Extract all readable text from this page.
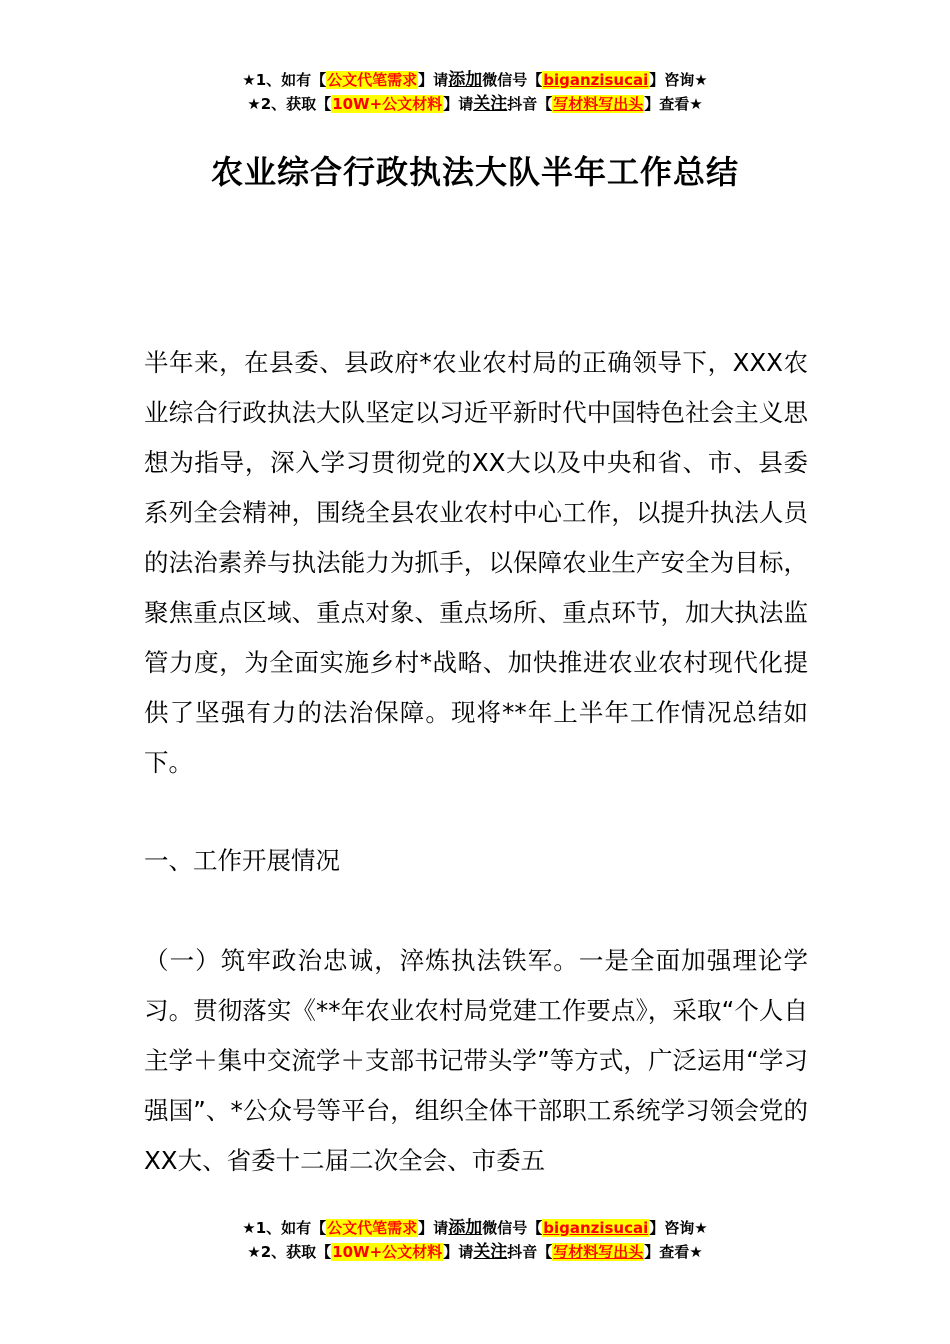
★1、如有【公文代笔需求】请添加微信号【biganzisucai】咨询★
★2、获取【10W+公文材料】请关注抖音【写材料写出头】查看★
农业综合行政执法大队半年工作总结
半年来，在县委、县政府*农业农村局的正确领导下，XXX农业综合行政执法大队坚定以习近平新时代中国特色社会主义思想为指导，深入学习贯彻党的XX大以及中央和省、市、县委系列全会精神，围绕全县农业农村中心工作，以提升执法人员的法治素养与执法能力为抓手，以保障农业生产安全为目标，聚焦重点区域、重点对象、重点场所、重点环节，加大执法监管力度，为全面实施乡村*战略、加快推进农业农村现代化提供了坚强有力的法治保障。现将**年上半年工作情况总结如下。
一、工作开展情况
（一）筑牢政治忠诚，淬炼执法铁军。一是全面加强理论学习。贯彻落实《**年农业农村局党建工作要点》，采取“个人自主学＋集中交流学＋支部书记带头学”等方式，广泛运用“学习强国”、*公众号等平台，组织全体干部职工系统学习领会党的XX大、省委十二届二次全会、市委五
★1、如有【公文代笔需求】请添加微信号【biganzisucai】咨询★
★2、获取【10W+公文材料】请关注抖音【写材料写出头】查看★
